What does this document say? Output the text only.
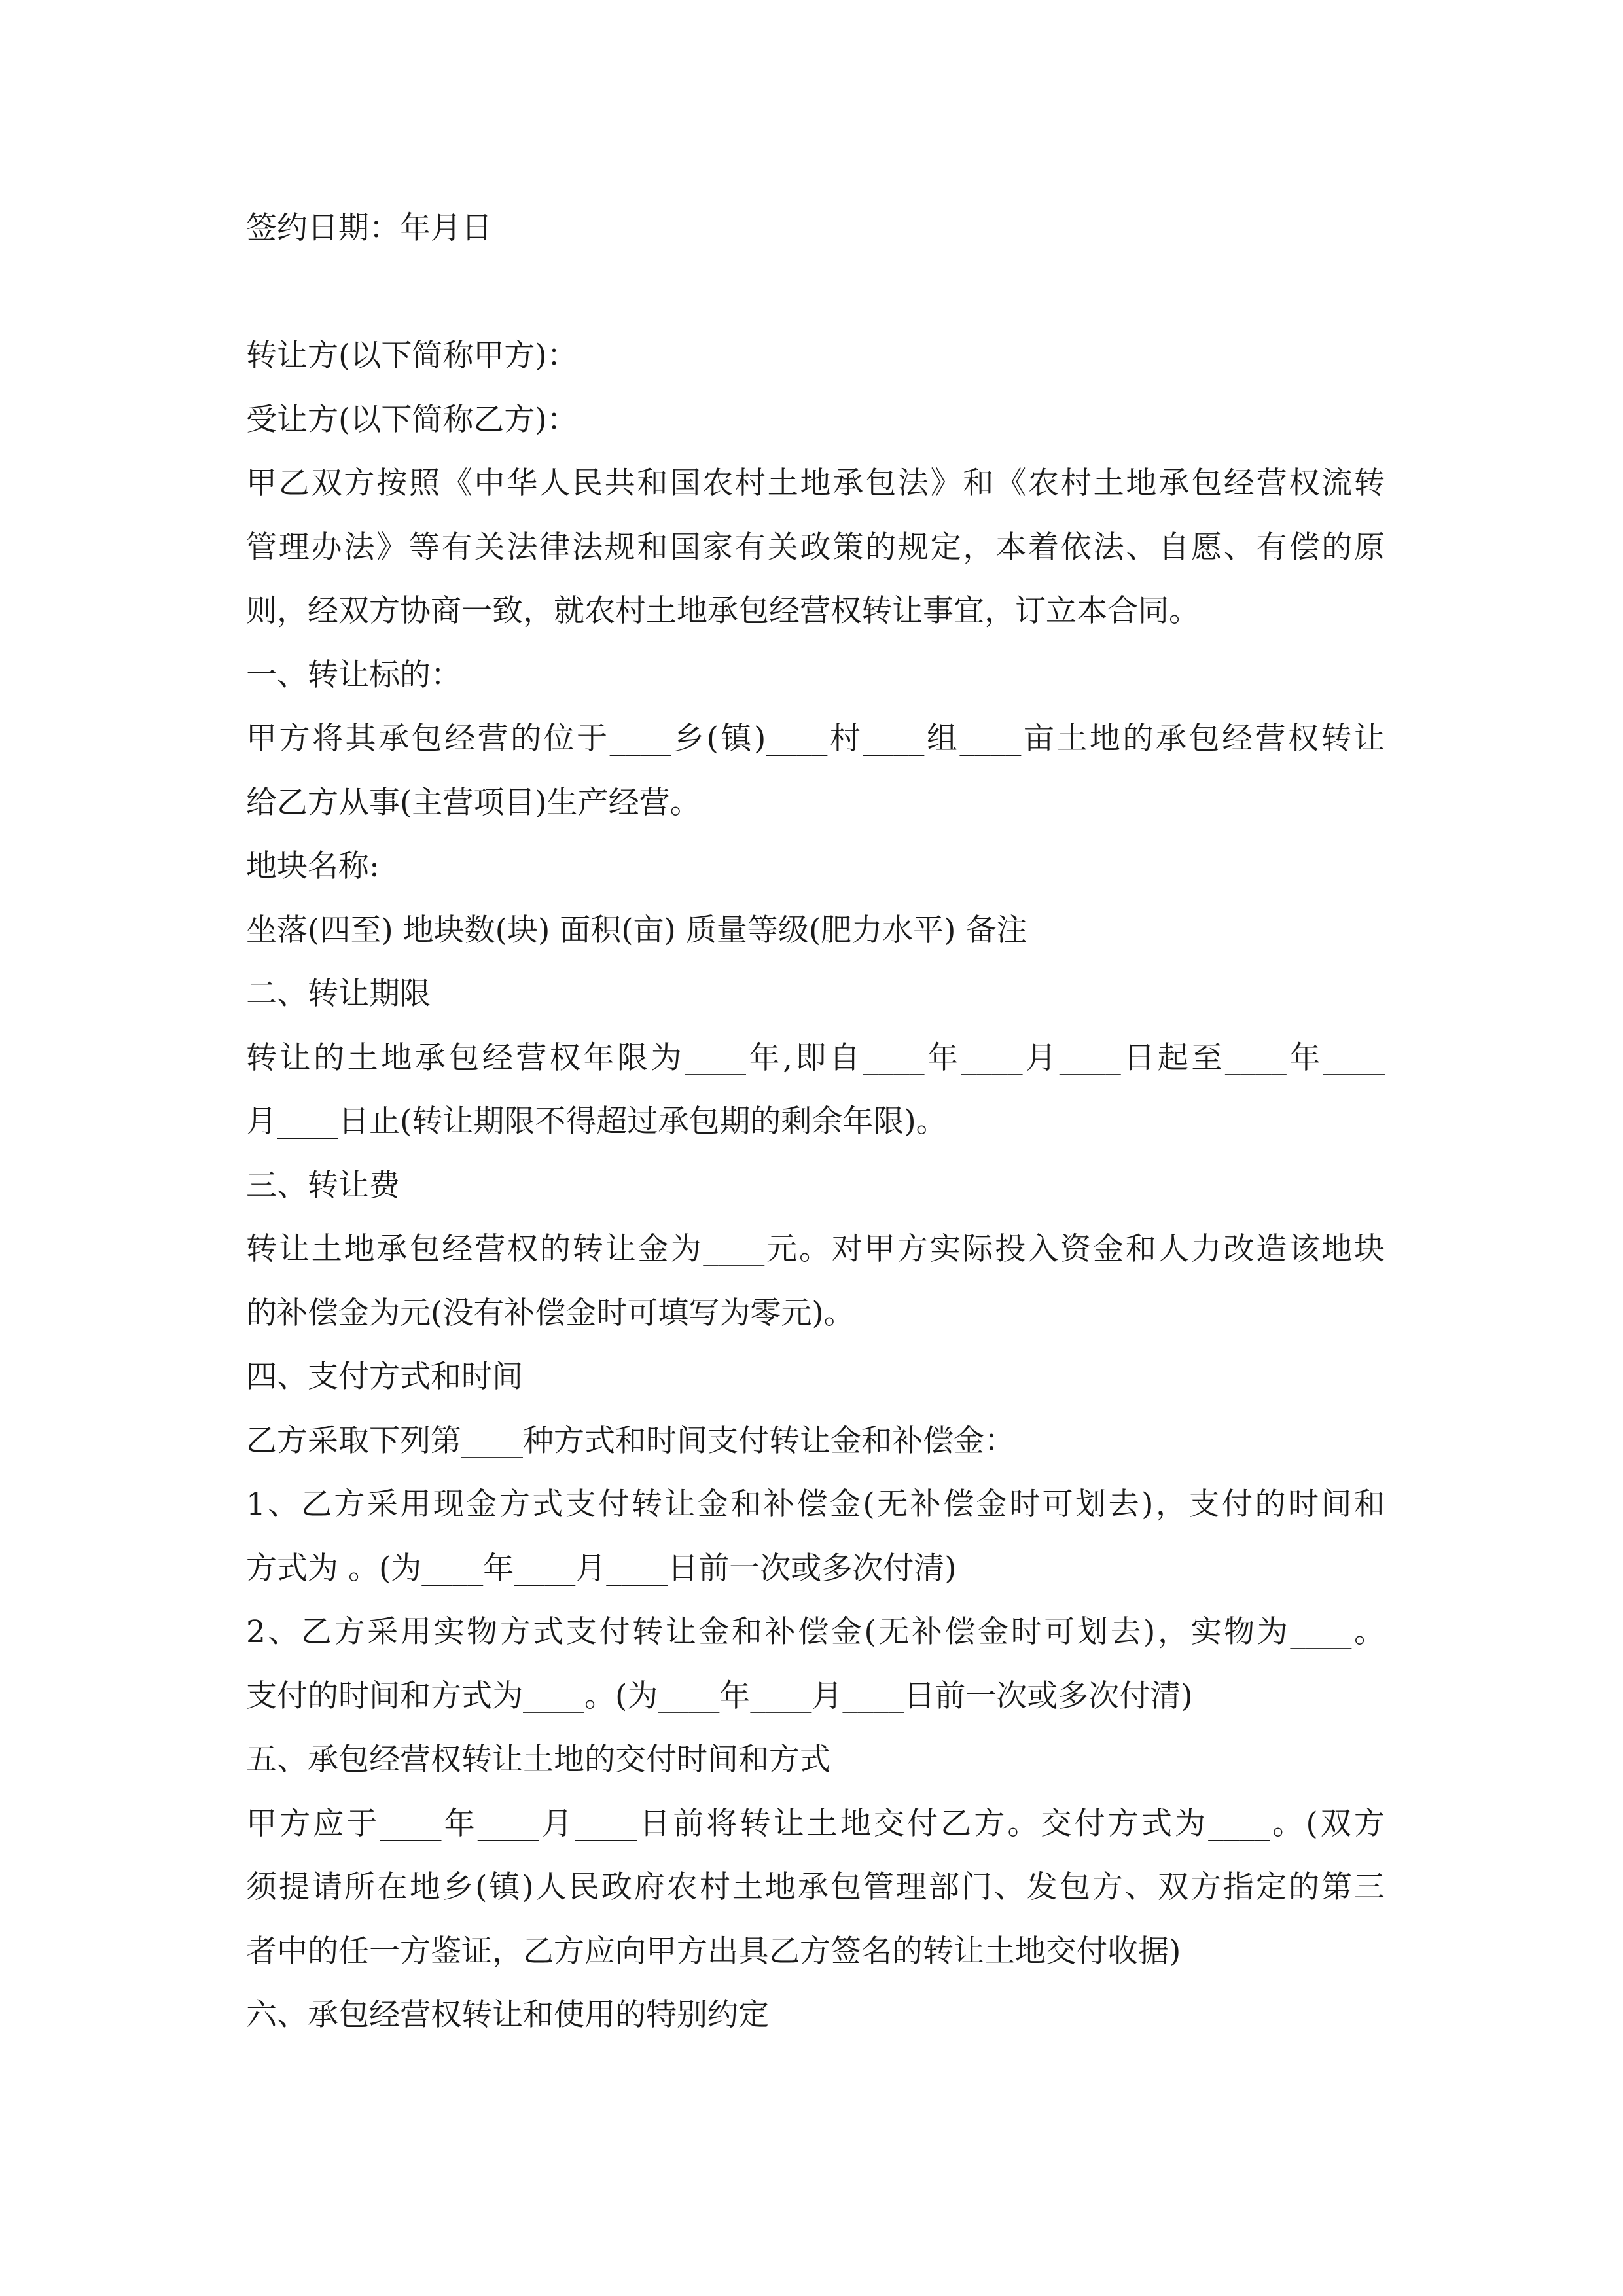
签约日期：年月日
转让方(以下简称甲方)：
受让方(以下简称乙方)：
甲乙双方按照《中华人民共和国农村土地承包法》和《农村土地承包经营权流转
管理办法》等有关法律法规和国家有关政策的规定，本着依法、自愿、有偿的原
则，经双方协商一致，就农村土地承包经营权转让事宜，订立本合同。
一、转让标的：
甲方将其承包经营的位于____乡(镇)____村____组____亩土地的承包经营权转让
给乙方从事(主营项目)生产经营。
地块名称:
坐落(四至) 地块数(块) 面积(亩) 质量等级(肥力水平) 备注
二、转让期限
转让的土地承包经营权年限为____年,即自____年____月____日起至____年____
月____日止(转让期限不得超过承包期的剩余年限)。
三、转让费
转让土地承包经营权的转让金为____元。对甲方实际投入资金和人力改造该地块
的补偿金为元(没有补偿金时可填写为零元)。
四、支付方式和时间
乙方采取下列第____种方式和时间支付转让金和补偿金：
1、乙方采用现金方式支付转让金和补偿金(无补偿金时可划去)，支付的时间和
方式为 。(为____年____月____日前一次或多次付清)
2、乙方采用实物方式支付转让金和补偿金(无补偿金时可划去)，实物为____。
支付的时间和方式为____。(为____年____月____日前一次或多次付清)
五、承包经营权转让土地的交付时间和方式
甲方应于____年____月____日前将转让土地交付乙方。交付方式为____。(双方
须提请所在地乡(镇)人民政府农村土地承包管理部门、发包方、双方指定的第三
者中的任一方鉴证，乙方应向甲方出具乙方签名的转让土地交付收据)
六、承包经营权转让和使用的特别约定
